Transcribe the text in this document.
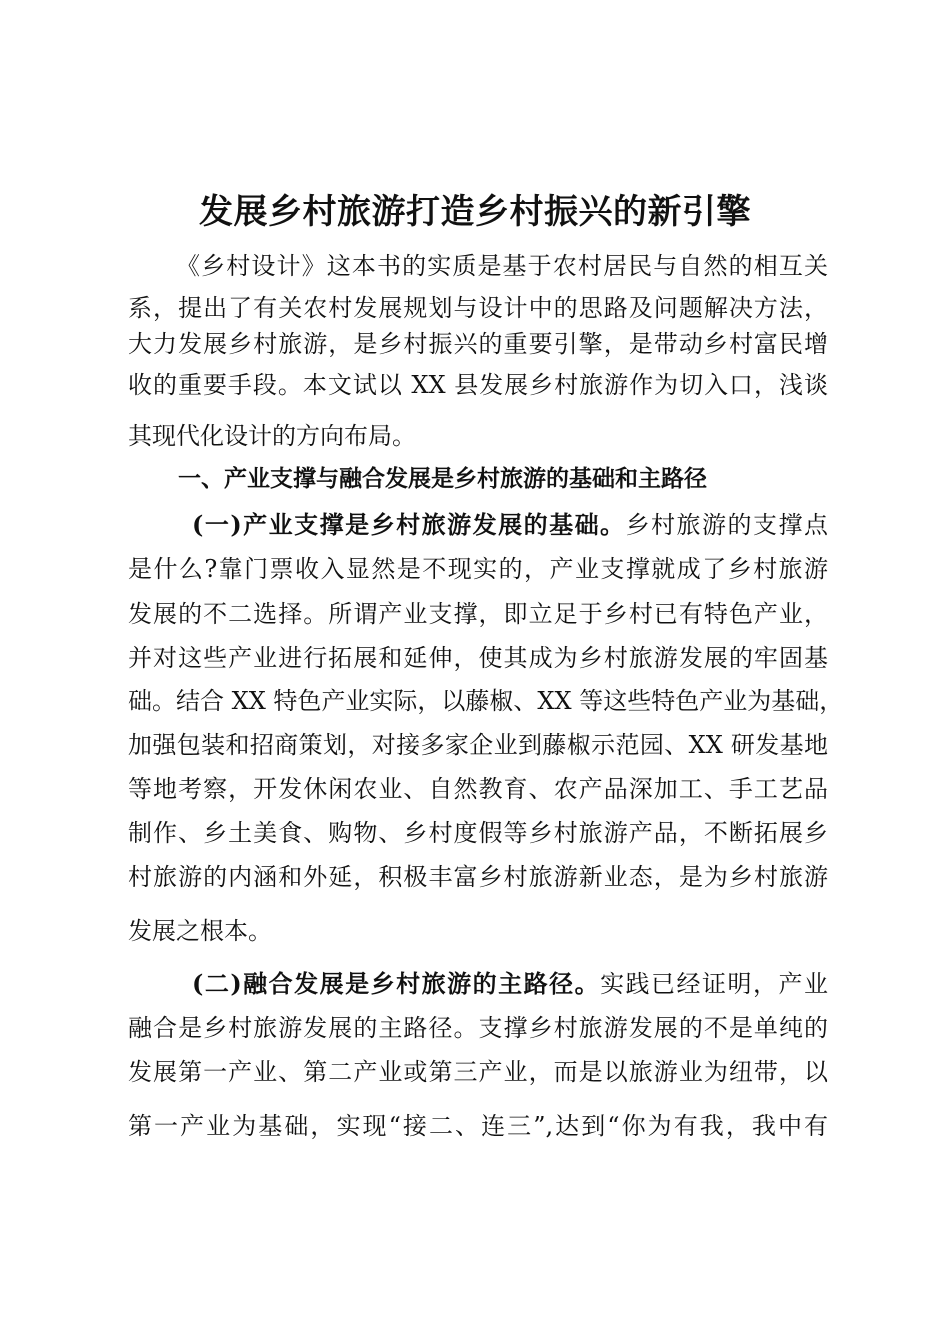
发展乡村旅游打造乡村振兴的新引擎
《乡村设计》这本书的实质是基于农村居民与自然的相互关
系，提出了有关农村发展规划与设计中的思路及问题解决方法，
大力发展乡村旅游，是乡村振兴的重要引擎，是带动乡村富民增
收的重要手段。本文试以 XX 县发展乡村旅游作为切入口，浅谈
其现代化设计的方向布局。
一、产业支撑与融合发展是乡村旅游的基础和主路径
(一)产业支撑是乡村旅游发展的基础。乡村旅游的支撑点
是什么?靠门票收入显然是不现实的，产业支撑就成了乡村旅游
发展的不二选择。所谓产业支撑，即立足于乡村已有特色产业，
并对这些产业进行拓展和延伸，使其成为乡村旅游发展的牢固基
础。结合 XX 特色产业实际，以藤椒、XX 等这些特色产业为基础，
加强包装和招商策划，对接多家企业到藤椒示范园、XX 研发基地
等地考察，开发休闲农业、自然教育、农产品深加工、手工艺品
制作、乡土美食、购物、乡村度假等乡村旅游产品，不断拓展乡
村旅游的内涵和外延，积极丰富乡村旅游新业态，是为乡村旅游
发展之根本。
(二)融合发展是乡村旅游的主路径。实践已经证明，产业
融合是乡村旅游发展的主路径。支撑乡村旅游发展的不是单纯的
发展第一产业、第二产业或第三产业，而是以旅游业为纽带，以
第一产业为基础，实现“接二、连三”,达到“你为有我，我中有
